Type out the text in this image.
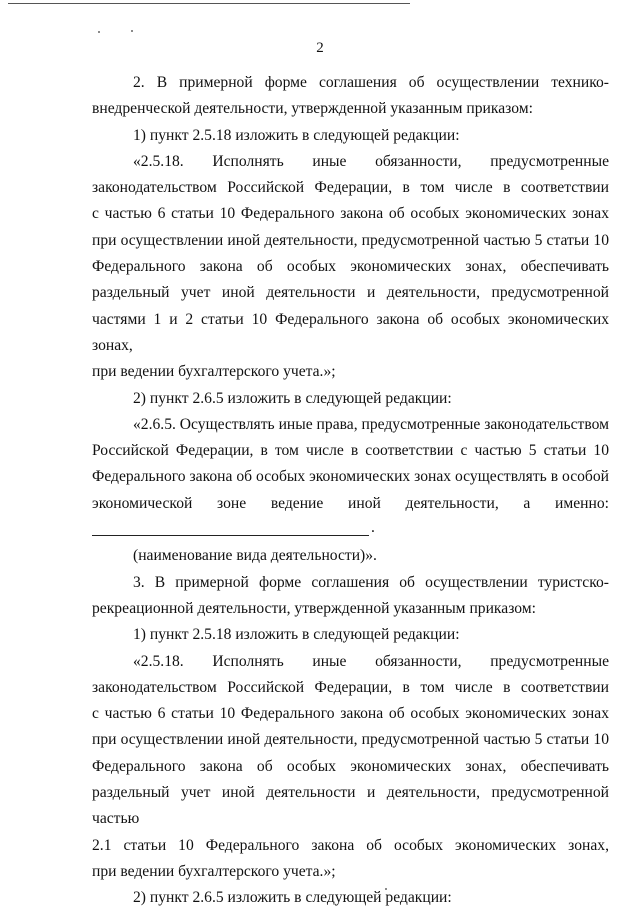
2
2. В примерной форме соглашения об осуществлении технико-
внедренческой деятельности, утвержденной указанным приказом:
1) пункт 2.5.18 изложить в следующей редакции:
«2.5.18. Исполнять иные обязанности, предусмотренные
законодательством Российской Федерации, в том числе в соответствии
с частью 6 статьи 10 Федерального закона об особых экономических зонах
при осуществлении иной деятельности, предусмотренной частью 5 статьи 10
Федерального закона об особых экономических зонах, обеспечивать
раздельный учет иной деятельности и деятельности, предусмотренной
частями 1 и 2 статьи 10 Федерального закона об особых экономических зонах,
при ведении бухгалтерского учета.»;
2) пункт 2.6.5 изложить в следующей редакции:
«2.6.5. Осуществлять иные права, предусмотренные законодательством
Российской Федерации, в том числе в соответствии с частью 5 статьи 10
Федерального закона об особых экономических зонах осуществлять в особой
экономической зоне ведение иной деятельности, а именно:
.
(наименование вида деятельности)».
3. В примерной форме соглашения об осуществлении туристско-
рекреационной деятельности, утвержденной указанным приказом:
1) пункт 2.5.18 изложить в следующей редакции:
«2.5.18. Исполнять иные обязанности, предусмотренные
законодательством Российской Федерации, в том числе в соответствии
с частью 6 статьи 10 Федерального закона об особых экономических зонах
при осуществлении иной деятельности, предусмотренной частью 5 статьи 10
Федерального закона об особых экономических зонах, обеспечивать
раздельный учет иной деятельности и деятельности, предусмотренной частью
2.1 статьи 10 Федерального закона об особых экономических зонах,
при ведении бухгалтерского учета.»;
2) пункт 2.6.5 изложить в следующей редакции:
